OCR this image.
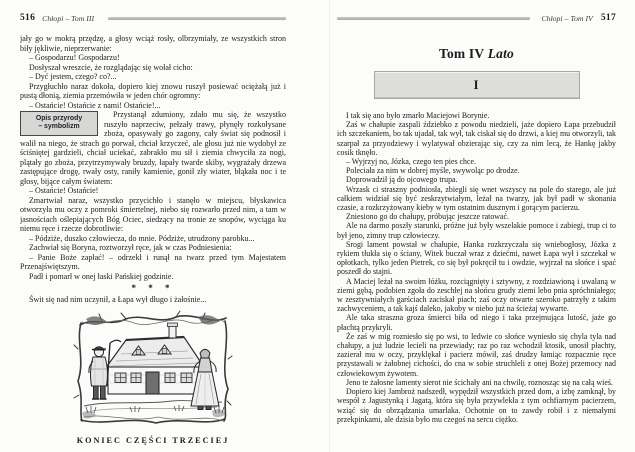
516 Chłopi – Tom III

jały go w mokrą przędzę, a głosy wciąż rosły, olbrzymiały, ze wszystkich stron biły jękliwie, nieprzerwanie:

– Gospodarzu! Gospodarzu!

Dosłyszał wreszcie, że rozglądając się wołał cicho:

– Dyć jestem, czego? co?...

Przygłuchło naraz dokoła, dopiero kiej znowu ruszył posiewać ociężałą już i pustą dłonią, ziemia przemówiła w jeden chór ogromny:

– Ostańcie! Ostańcie z nami! Ostańcie!...

Opis przyrody
– symbolizm
Przystanął zdumiony, zdało mu się, że wszystko ruszyło naprzeciw, pełzały trawy, płynęły rozkołysane zboża, opasywały go zagony, cały świat się podnosił i walił na niego, że strach go porwał, chciał krzyczeć, ale głosu już nie wydobył ze ściśniętej gardzieli, chciał uciekać, zabrakło mu sił i ziemia chwyciła za nogi, plątały go zboża, przytrzymywały bruzdy, łapały twarde skiby, wygrażały drzewa zastępujące drogę, rwały osty, raniły kamienie, gonił zły wiater, błąkała noc i te głosy, bijące całym światem:

– Ostańcie! Ostańcie!

Zmartwiał naraz, wszystko przycichło i stanęło w miejscu, błyskawica otworzyła mu oczy z pomroki śmiertelnej, niebo się rozwarło przed nim, a tam w jasnościach oślepiających Bóg Ociec, siedzący na tronie ze snopów, wyciąga ku niemu ręce i rzecze dobrotliwie:

– Pódziże, duszko człowiecza, do mnie. Pódziże, utrudzony parobku...

Zachwiał się Boryna, roztworzył ręce, jak w czas Podniesienia:

– Panie Boże zapłać! – odrzekł i runął na twarz przed tym Majestatem Przenajświętszym.

Padł i pomarł w onej łaski Pańskiej godzinie.

* * *

Świt się nad nim uczynił, a Łapa wył długo i żałośnie...

KONIEC CZĘŚCI TRZECIEJ
Chłopi – Tom IV 517
Tom IV Lato
I

I tak się ano było zmarło Maciejowi Borynie.

Zaś w chałupie zaspali ździebko z powodu niedzieli, jaże dopiero Łapa przebudził ich szczekaniem, bo tak ujadał, tak wył, tak ciskał się do drzwi, a kiej mu otworzyli, tak szarpał za przyodziewy i wylatywał obzierając się, czy za nim lecą, że Hankę jakby cosik tknęło.

– Wyjrzyj no, Józka, czego ten pies chce.

Poleciała za nim w dobrej myśle, swywoląc po drodze.

Doprowadził ją do ojcowego trupa.

Wrzask ci straszny podniosła, zbiegli się wnet wszyscy na pole do starego, ale już całkiem widział się być zeskrzytwiałym, leżał na twarzy, jak był padł w skonania czasie, a rozkrzyżowany kieby w tym ostatnim dusznym i gorącym pacierzu.

Zniesiono go do chałupy, próbując jeszcze ratować.

Ale na darmo poszły starunki, próżne już były wszelakie pomoce i zabiegi, trup ci to był jeno, zimny trup człowieczy.

Srogi lament powstał w chałupie, Hanka rozkrzyczała się wniebogłosy, Józka z rykiem tłukła się o ściany, Witek buczał wraz z dziećmi, nawet Łapa wył i szczekał w opłotkach, tylko jeden Pietrek, co się był pokręcił tu i owdzie, wyjrzał na słońce i spać poszedł do stajni.

A Maciej leżał na swoim łóżku, rozciągnięty i sztywny, z rozdziawioną i uwalaną w ziemi gębą, podobien zgoła do zeschłej na słońcu grudy ziemi lebo pnia spróchniałego; w zesztywniałych garściach zaciskał piach; zaś oczy otwarte szeroko patrzyły z takim zachwyceniem, a tak kajś daleko, jakoby w niebo już na ścieżaj wywarte.

Ale taka straszna groza śmierci biła od niego i taka przejmująca lutość, jaże go płachtą przykryli.

Że zaś w mig rozniesło się po wsi, to ledwie co słońce wyniesło się chyla tyla nad chałupy, a już ludzie lecieli na przewiady; raz po raz wchodził ktosik, unosił płachty, zazierał mu w oczy, przyklękał i pacierz mówił, zaś drudzy łamiąc rozpacznie ręce przystawali w żałobnej cichości, do cna w sobie struchleli z onej Bożej przemocy nad człowiekowym żywotem.

Jeno te żałosne lamenty sierot nie ścichały ani na chwilę, roznosząc się na całą wieś.

Dopiero kiej Jambroż nadszedł, wypędził wszystkich przed dom, a izbę zamknął, by wespół z Jagustynką i Jagatą, która się była przywlekła z tym ochfiarnym pacierzem, wziąć się do obrządzania umarlaka. Ochotnie on to zawdy robił i z niemałymi przekpinkami, ale dzisia było mu czegoś na sercu ciężko.
